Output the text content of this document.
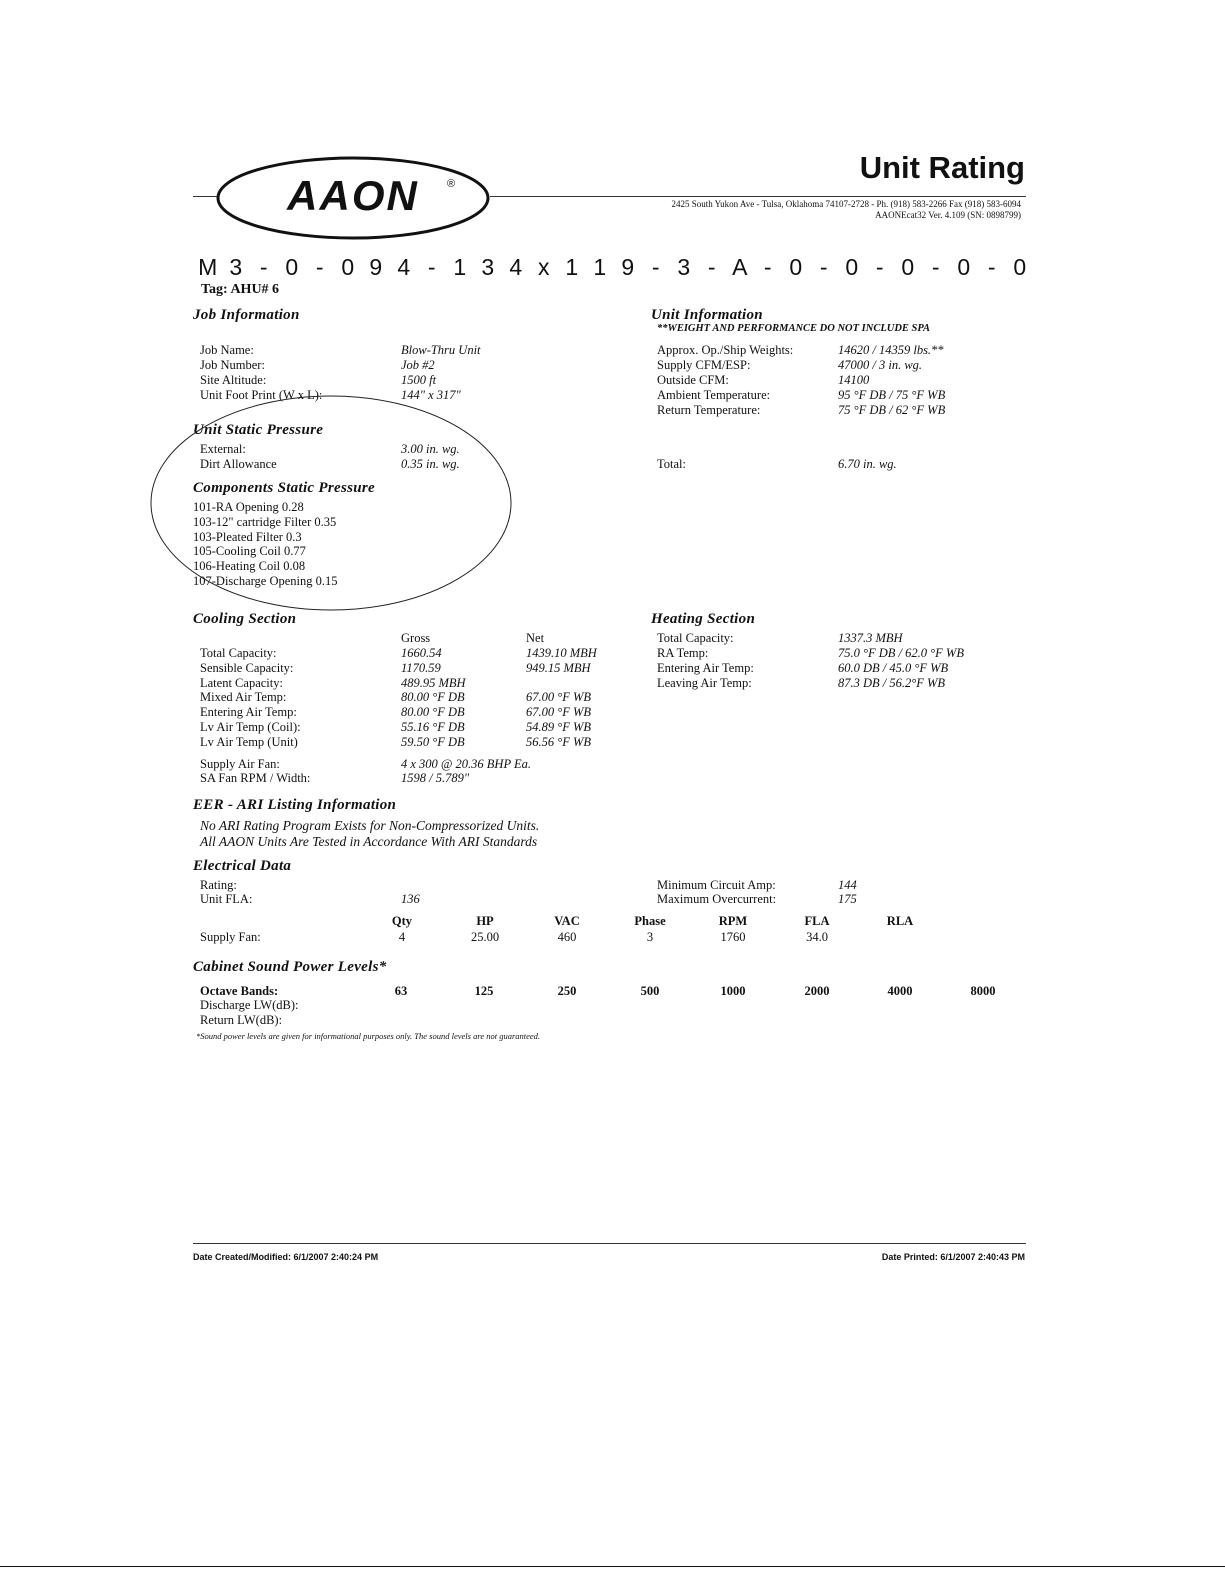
AAON	®	Unit Rating
2425 South Yukon Ave - Tulsa, Oklahoma 74107-2728 - Ph. (918) 583-2266 Fax (918) 583-6094
AAONEcat32 Ver. 4.109 (SN: 0898799)
M 3 - 0 - 0 9 4 - 1 3 4 x 1 1 9 - 3 - A - 0 - 0 - 0 - 0 - 0
Tag: AHU# 6
Job Information
Job Name:	Blow-Thru Unit
Job Number:	Job #2
Site Altitude:	1500 ft
Unit Foot Print (W x L):	144" x 317"
Unit Information
**WEIGHT AND PERFORMANCE DO NOT INCLUDE SPA
Approx. Op./Ship Weights:	14620 / 14359 lbs.**
Supply CFM/ESP:	47000 / 3 in. wg.
Outside CFM:	14100
Ambient Temperature:	95 °F DB / 75 °F WB
Return Temperature:	75 °F DB / 62 °F WB
Total:	6.70 in. wg.
Unit Static Pressure
External:	3.00 in. wg.
Dirt Allowance	0.35 in. wg.
Components Static Pressure
101-RA Opening 0.28
103-12" cartridge Filter 0.35
103-Pleated Filter 0.3
105-Cooling Coil 0.77
106-Heating Coil 0.08
107-Discharge Opening 0.15
Cooling Section
Gross	Net
Total Capacity:	1660.54	1439.10 MBH
Sensible Capacity:	1170.59	949.15 MBH
Latent Capacity:	489.95 MBH
Mixed Air Temp:	80.00 °F DB	67.00 °F WB
Entering Air Temp:	80.00 °F DB	67.00 °F WB
Lv Air Temp (Coil):	55.16 °F DB	54.89 °F WB
Lv Air Temp (Unit)	59.50 °F DB	56.56 °F WB
Supply Air Fan:	4 x 300 @ 20.36 BHP Ea.
SA Fan RPM / Width:	1598 / 5.789"
Heating Section
Total Capacity:	1337.3 MBH
RA Temp:	75.0 °F DB / 62.0 °F WB
Entering Air Temp:	60.0 DB / 45.0 °F WB
Leaving Air Temp:	87.3 DB / 56.2°F WB
EER - ARI Listing Information
No ARI Rating Program Exists for Non-Compressorized Units.
All AAON Units Are Tested in Accordance With ARI Standards
Electrical Data
Rating:
Unit FLA:	136
Minimum Circuit Amp:	144
Maximum Overcurrent:	175
Qty	HP	VAC	Phase	RPM	FLA	RLA
Supply Fan:	4	25.00	460	3	1760	34.0
Cabinet Sound Power Levels*
Octave Bands:	63	125	250	500	1000	2000	4000	8000
Discharge LW(dB):
Return LW(dB):
*Sound power levels are given for informational purposes only. The sound levels are not guaranteed.
Date Created/Modified: 6/1/2007 2:40:24 PM	Date Printed: 6/1/2007 2:40:43 PM
